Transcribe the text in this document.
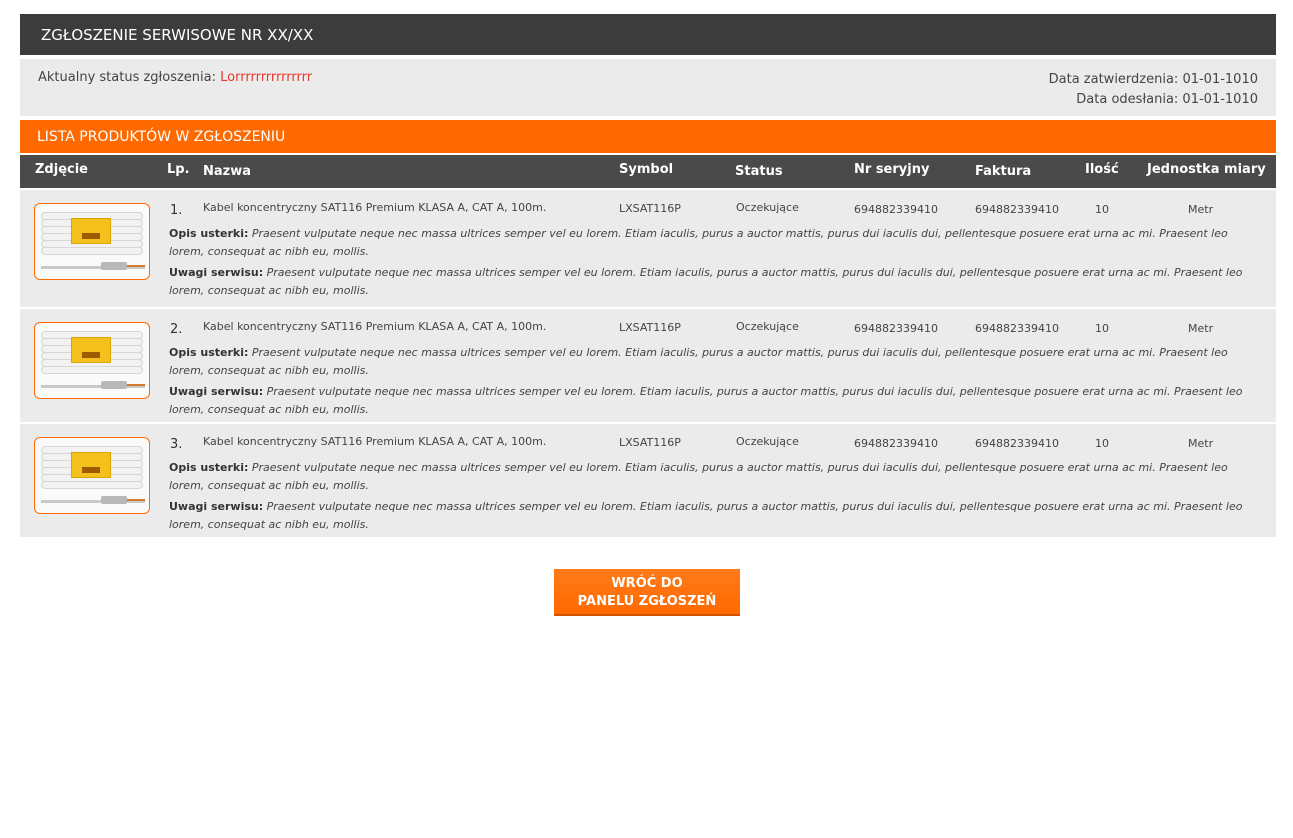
ZGŁOSZENIE SERWISOWE NR XX/XX
Aktualny status zgłoszenia: Lorrrrrrrrrrrrrrr	Data zatwierdzenia: 01-01-1010
Data odesłania: 01-01-1010
LISTA PRODUKTÓW W ZGŁOSZENIU
Zdjęcie	Lp. Nazwa	Symbol	Status	Nr seryjny	Faktura	Ilość Jednostka miary
1. Kabel koncentryczny SAT116 Premium KLASA A, CAT A, 100m.	LXSAT116P	Oczekujące	694882339410	694882339410	10	Metr
Opis usterki: Praesent vulputate neque nec massa ultrices semper vel eu lorem. Etiam iaculis, purus a auctor mattis, purus dui iaculis dui, pellentesque posuere erat urna ac mi. Praesent leo lorem, consequat ac nibh eu, mollis.
Uwagi serwisu: Praesent vulputate neque nec massa ultrices semper vel eu lorem. Etiam iaculis, purus a auctor mattis, purus dui iaculis dui, pellentesque posuere erat urna ac mi. Praesent leo lorem, consequat ac nibh eu, mollis.
2. Kabel koncentryczny SAT116 Premium KLASA A, CAT A, 100m.	LXSAT116P	Oczekujące	694882339410	694882339410	10	Metr
Opis usterki: Praesent vulputate neque nec massa ultrices semper vel eu lorem. Etiam iaculis, purus a auctor mattis, purus dui iaculis dui, pellentesque posuere erat urna ac mi. Praesent leo lorem, consequat ac nibh eu, mollis.
Uwagi serwisu: Praesent vulputate neque nec massa ultrices semper vel eu lorem. Etiam iaculis, purus a auctor mattis, purus dui iaculis dui, pellentesque posuere erat urna ac mi. Praesent leo lorem, consequat ac nibh eu, mollis.
3. Kabel koncentryczny SAT116 Premium KLASA A, CAT A, 100m.	LXSAT116P	Oczekujące	694882339410	694882339410	10	Metr
Opis usterki: Praesent vulputate neque nec massa ultrices semper vel eu lorem. Etiam iaculis, purus a auctor mattis, purus dui iaculis dui, pellentesque posuere erat urna ac mi. Praesent leo lorem, consequat ac nibh eu, mollis.
Uwagi serwisu: Praesent vulputate neque nec massa ultrices semper vel eu lorem. Etiam iaculis, purus a auctor mattis, purus dui iaculis dui, pellentesque posuere erat urna ac mi. Praesent leo lorem, consequat ac nibh eu, mollis.
WRÓĆ DO
PANELU ZGŁOSZEŃ
